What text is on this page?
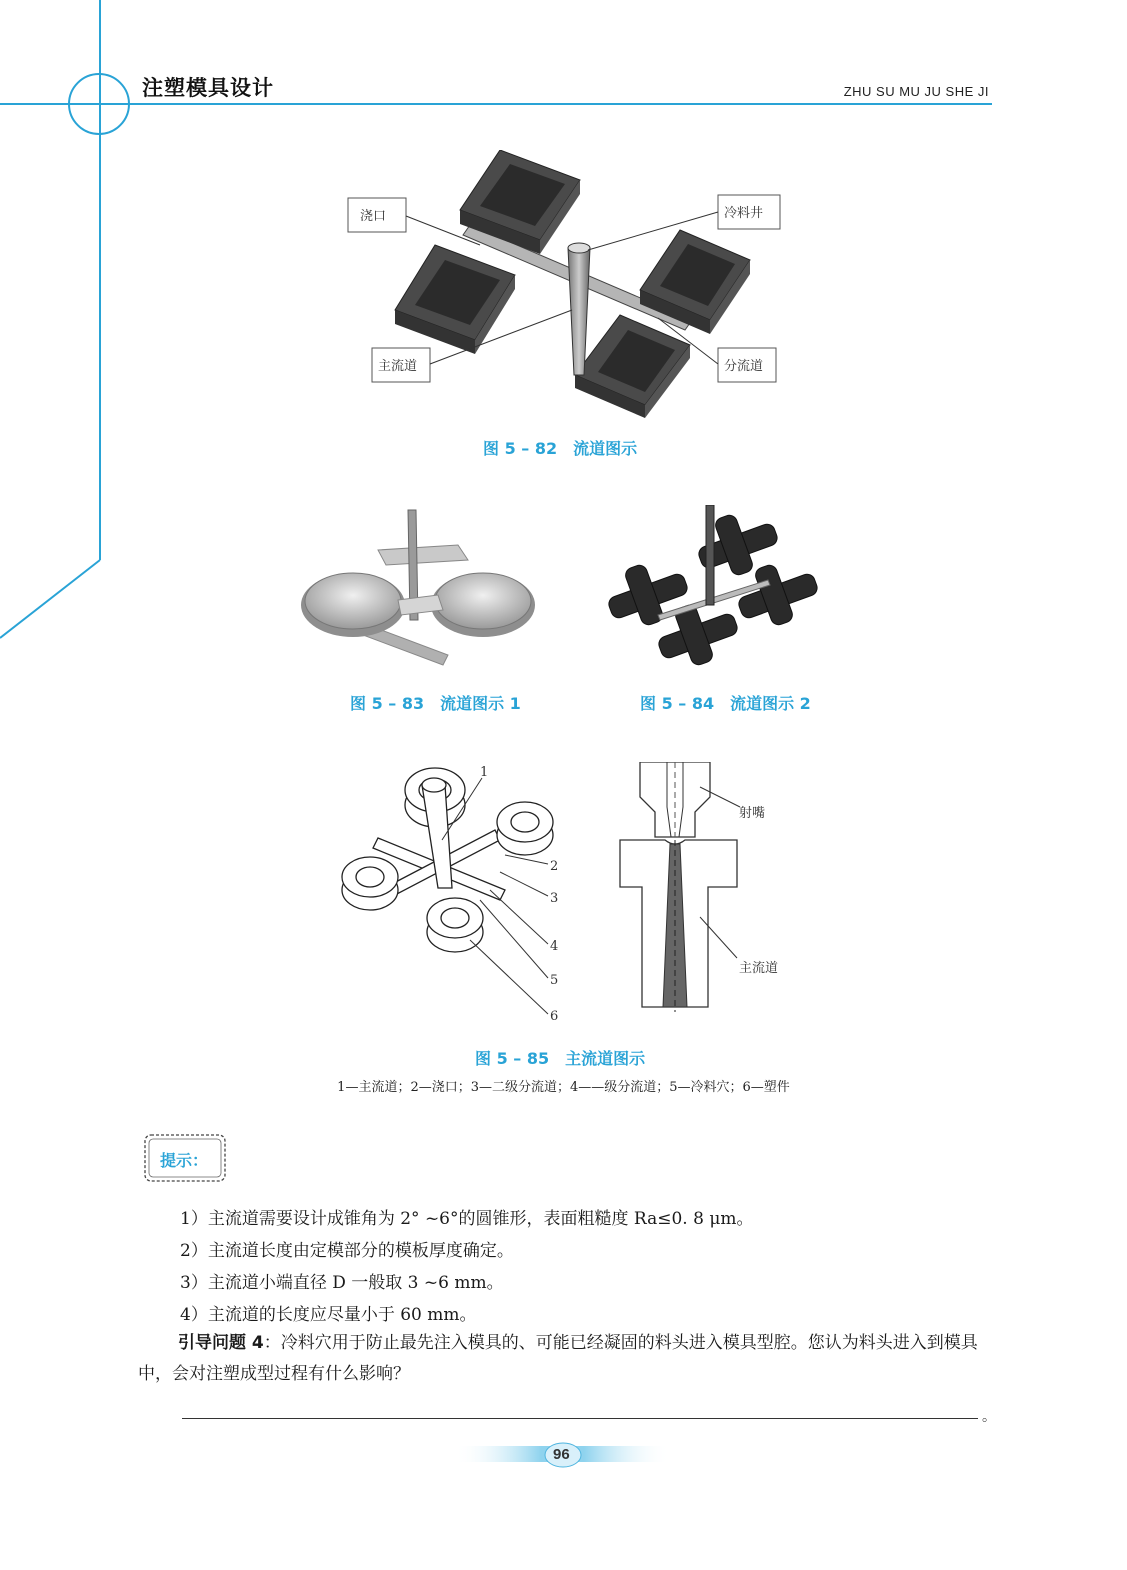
注塑模具设计	ZHU SU MU JU SHE JI
浇口	冷料井
主流道	分流道
图 5 – 82　流道图示
图 5 – 83　流道图示 1	图 5 – 84　流道图示 2
1
2
3
4
5
6
射嘴
主流道
图 5 – 85　主流道图示
1—主流道；2—浇口；3—二级分流道；4——级分流道；5—冷料穴；6—塑件
提示：
1）主流道需要设计成锥角为 2° ~6°的圆锥形，表面粗糙度 Ra≤0. 8 μm。
2）主流道长度由定模部分的模板厚度确定。
3）主流道小端直径 D 一般取 3 ~6 mm。
4）主流道的长度应尽量小于 60 mm。
引导问题 4：冷料穴用于防止最先注入模具的、可能已经凝固的料头进入模具型腔。您认为料头进入到模具中，会对注塑成型过程有什么影响？
。
96
